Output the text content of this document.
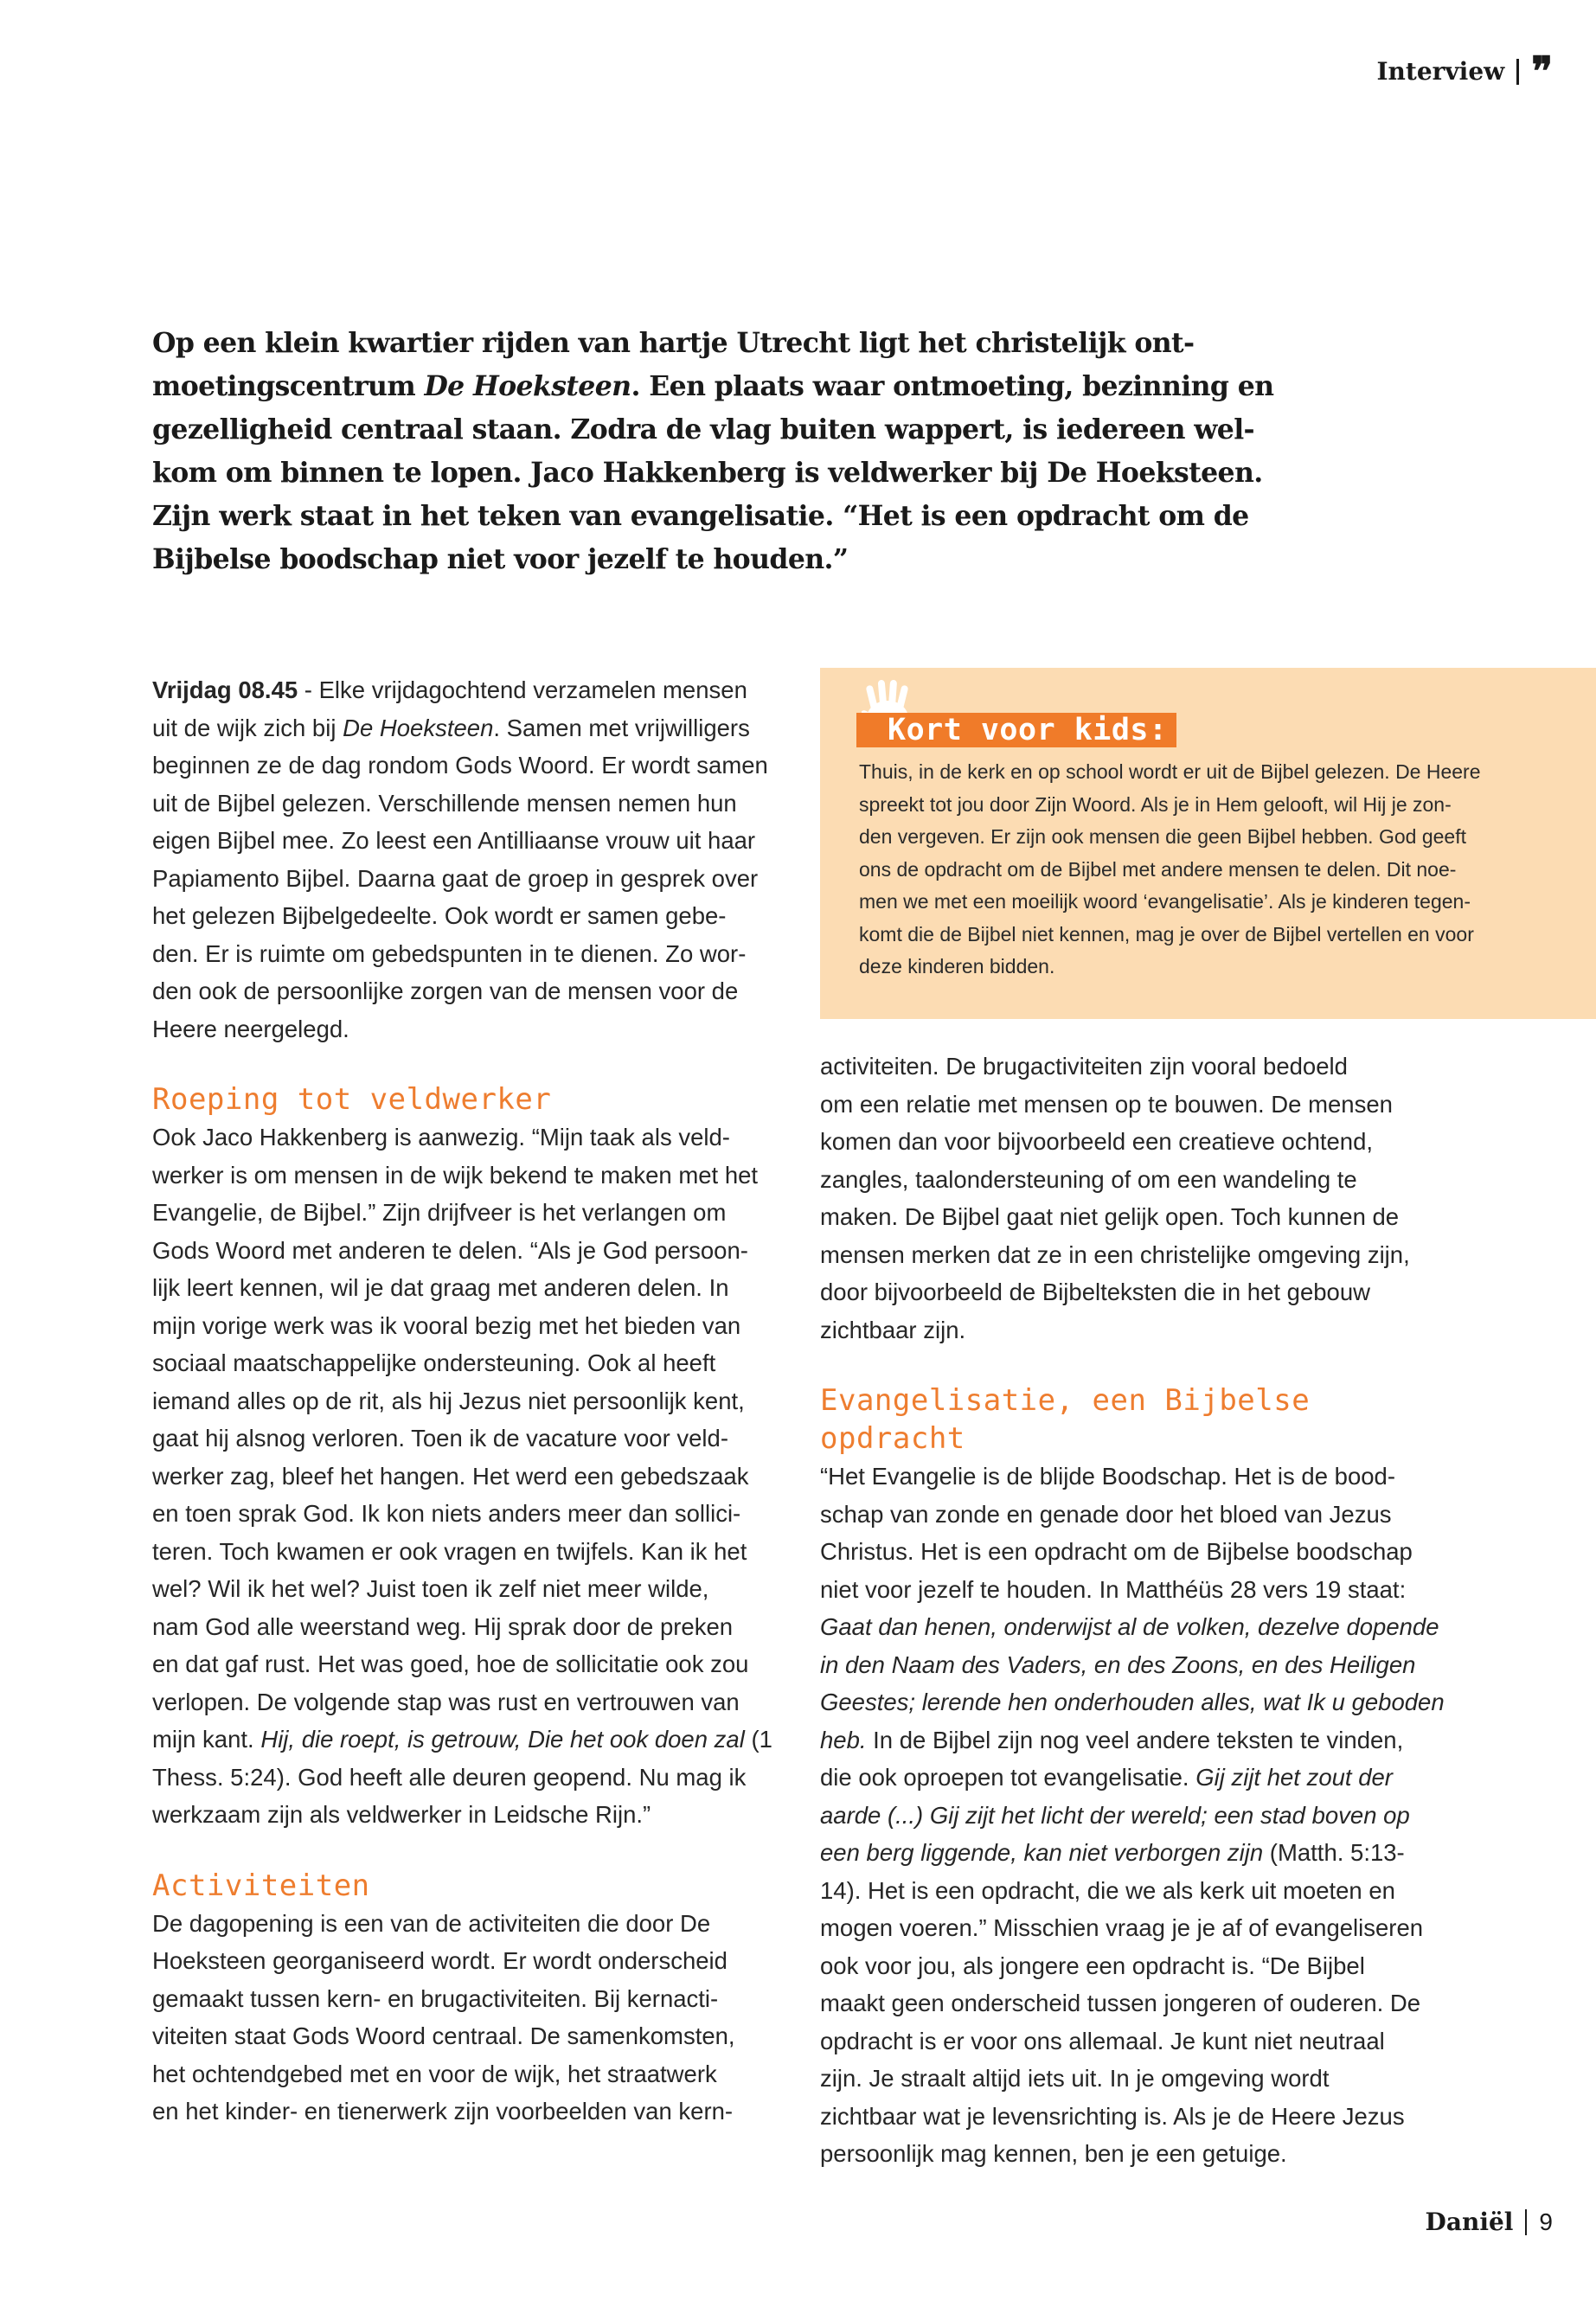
Interview ❞
Op een klein kwartier rijden van hartje Utrecht ligt het christelijk ont-
moetingscentrum De Hoeksteen. Een plaats waar ontmoeting, bezinning en
gezelligheid centraal staan. Zodra de vlag buiten wappert, is iedereen wel-
kom om binnen te lopen. Jaco Hakkenberg is veldwerker bij De Hoeksteen.
Zijn werk staat in het teken van evangelisatie. “Het is een opdracht om de
Bijbelse boodschap niet voor jezelf te houden.”
Vrijdag 08.45 - Elke vrijdagochtend verzamelen mensen
uit de wijk zich bij De Hoeksteen. Samen met vrijwilligers
beginnen ze de dag rondom Gods Woord. Er wordt samen
uit de Bijbel gelezen. Verschillende mensen nemen hun
eigen Bijbel mee. Zo leest een Antilliaanse vrouw uit haar
Papiamento Bijbel. Daarna gaat de groep in gesprek over
het gelezen Bijbelgedeelte. Ook wordt er samen gebe-
den. Er is ruimte om gebedspunten in te dienen. Zo wor-
den ook de persoonlijke zorgen van de mensen voor de
Heere neergelegd.
Roeping tot veldwerker
Ook Jaco Hakkenberg is aanwezig. “Mijn taak als veld-
werker is om mensen in de wijk bekend te maken met het
Evangelie, de Bijbel.” Zijn drijfveer is het verlangen om
Gods Woord met anderen te delen. “Als je God persoon-
lijk leert kennen, wil je dat graag met anderen delen. In
mijn vorige werk was ik vooral bezig met het bieden van
sociaal maatschappelijke ondersteuning. Ook al heeft
iemand alles op de rit, als hij Jezus niet persoonlijk kent,
gaat hij alsnog verloren. Toen ik de vacature voor veld-
werker zag, bleef het hangen. Het werd een gebedszaak
en toen sprak God. Ik kon niets anders meer dan sollici-
teren. Toch kwamen er ook vragen en twijfels. Kan ik het
wel? Wil ik het wel? Juist toen ik zelf niet meer wilde,
nam God alle weerstand weg. Hij sprak door de preken
en dat gaf rust. Het was goed, hoe de sollicitatie ook zou
verlopen. De volgende stap was rust en vertrouwen van
mijn kant. Hij, die roept, is getrouw, Die het ook doen zal (1
Thess. 5:24). God heeft alle deuren geopend. Nu mag ik
werkzaam zijn als veldwerker in Leidsche Rijn.”
Activiteiten
De dagopening is een van de activiteiten die door De
Hoeksteen georganiseerd wordt. Er wordt onderscheid
gemaakt tussen kern- en brugactiviteiten. Bij kernacti-
viteiten staat Gods Woord centraal. De samenkomsten,
het ochtendgebed met en voor de wijk, het straatwerk
en het kinder- en tienerwerk zijn voorbeelden van kern-
Kort voor kids:
Thuis, in de kerk en op school wordt er uit de Bijbel gelezen. De Heere
spreekt tot jou door Zijn Woord. Als je in Hem gelooft, wil Hij je zon-
den vergeven. Er zijn ook mensen die geen Bijbel hebben. God geeft
ons de opdracht om de Bijbel met andere mensen te delen. Dit noe-
men we met een moeilijk woord ‘evangelisatie’. Als je kinderen tegen-
komt die de Bijbel niet kennen, mag je over de Bijbel vertellen en voor
deze kinderen bidden.
activiteiten. De brugactiviteiten zijn vooral bedoeld
om een relatie met mensen op te bouwen. De mensen
komen dan voor bijvoorbeeld een creatieve ochtend,
zangles, taalondersteuning of om een wandeling te
maken. De Bijbel gaat niet gelijk open. Toch kunnen de
mensen merken dat ze in een christelijke omgeving zijn,
door bijvoorbeeld de Bijbelteksten die in het gebouw
zichtbaar zijn.
Evangelisatie, een Bijbelse opdracht
“Het Evangelie is de blijde Boodschap. Het is de bood-
schap van zonde en genade door het bloed van Jezus
Christus. Het is een opdracht om de Bijbelse boodschap
niet voor jezelf te houden. In Matthéüs 28 vers 19 staat:
Gaat dan henen, onderwijst al de volken, dezelve dopende
in den Naam des Vaders, en des Zoons, en des Heiligen
Geestes; lerende hen onderhouden alles, wat Ik u geboden
heb. In de Bijbel zijn nog veel andere teksten te vinden,
die ook oproepen tot evangelisatie. Gij zijt het zout der
aarde (...) Gij zijt het licht der wereld; een stad boven op
een berg liggende, kan niet verborgen zijn (Matth. 5:13-
14). Het is een opdracht, die we als kerk uit moeten en
mogen voeren.” Misschien vraag je je af of evangeliseren
ook voor jou, als jongere een opdracht is. “De Bijbel
maakt geen onderscheid tussen jongeren of ouderen. De
opdracht is er voor ons allemaal. Je kunt niet neutraal
zijn. Je straalt altijd iets uit. In je omgeving wordt
zichtbaar wat je levensrichting is. Als je de Heere Jezus
persoonlijk mag kennen, ben je een getuige.
Daniël 9
